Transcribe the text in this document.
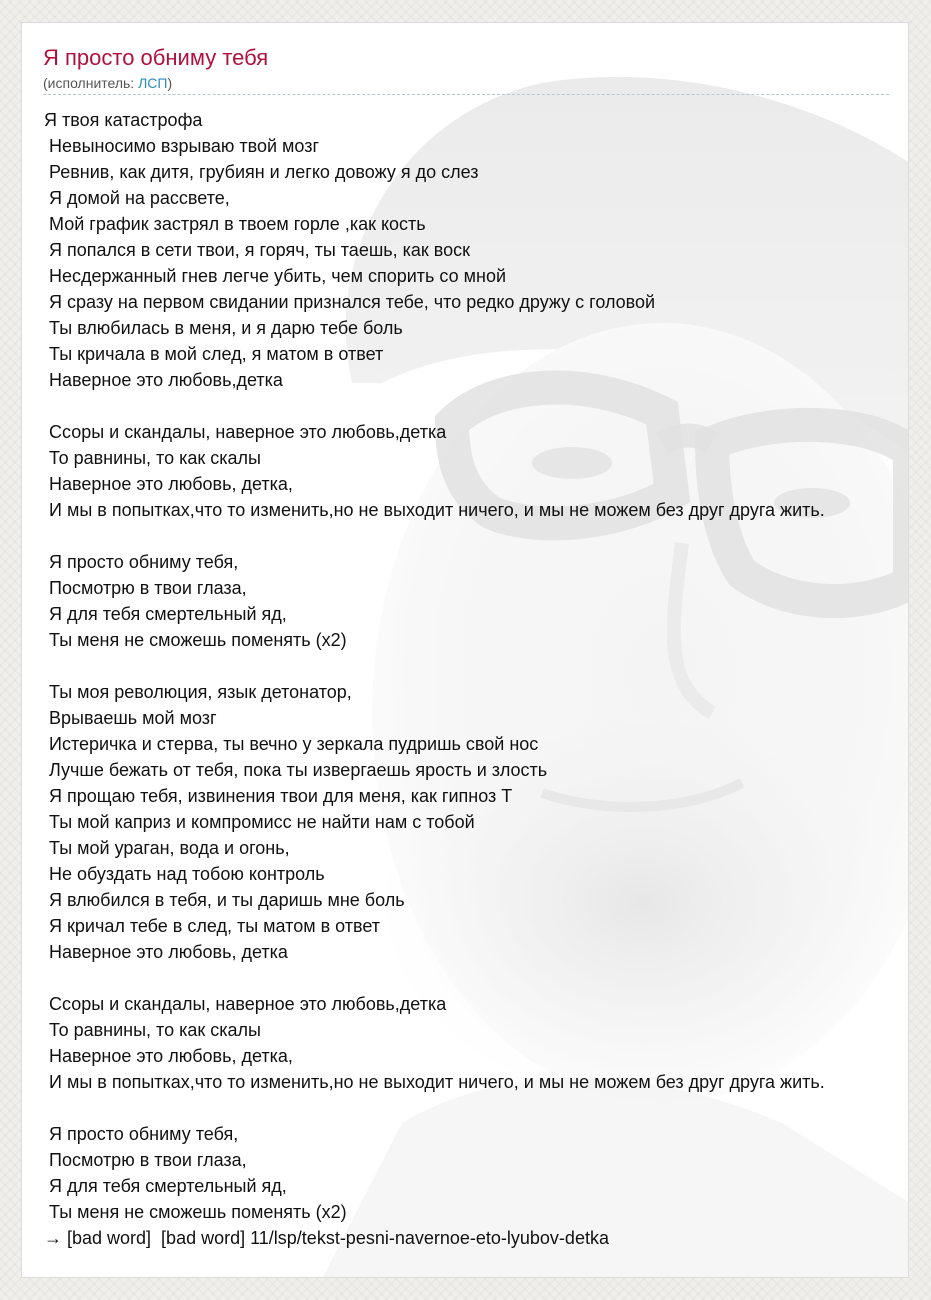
Я просто обниму тебя
(исполнитель: ЛСП)
Я твоя катастрофа
Невыносимо взрываю твой мозг
Ревнив, как дитя, грубиян и легко довожу я до слез
Я домой на рассвете,
Мой график застрял в твоем горле ,как кость
Я попался в сети твои, я горяч, ты таешь, как воск
Несдержанный гнев легче убить, чем спорить со мной
Я сразу на первом свидании признался тебе, что редко дружу с головой
Ты влюбилась в меня, и я дарю тебе боль
Ты кричала в мой след, я матом в ответ
Наверное это любовь,детка

Ссоры и скандалы, наверное это любовь,детка
То равнины, то как скалы
Наверное это любовь, детка,
И мы в попытках,что то изменить,но не выходит ничего, и мы не можем без друг друга жить.

Я просто обниму тебя,
Посмотрю в твои глаза,
Я для тебя смертельный яд,
Ты меня не сможешь поменять (x2)

Ты моя революция, язык детонатор,
Врываешь мой мозг
Истеричка и стерва, ты вечно у зеркала пудришь свой нос
Лучше бежать от тебя, пока ты извергаешь ярость и злость
Я прощаю тебя, извинения твои для меня, как гипноз Т
Ты мой каприз и компромисс не найти нам с тобой
Ты мой ураган, вода и огонь,
Не обуздать над тобою контроль
Я влюбился в тебя, и ты даришь мне боль
Я кричал тебе в след, ты матом в ответ
Наверное это любовь, детка

Ссоры и скандалы, наверное это любовь,детка
То равнины, то как скалы
Наверное это любовь, детка,
И мы в попытках,что то изменить,но не выходит ничего, и мы не можем без друг друга жить.

Я просто обниму тебя,
Посмотрю в твои глаза,
Я для тебя смертельный яд,
Ты меня не сможешь поменять (x2)
→ [bad word]  [bad word] 11/lsp/tekst-pesni-navernoe-eto-lyubov-detka
